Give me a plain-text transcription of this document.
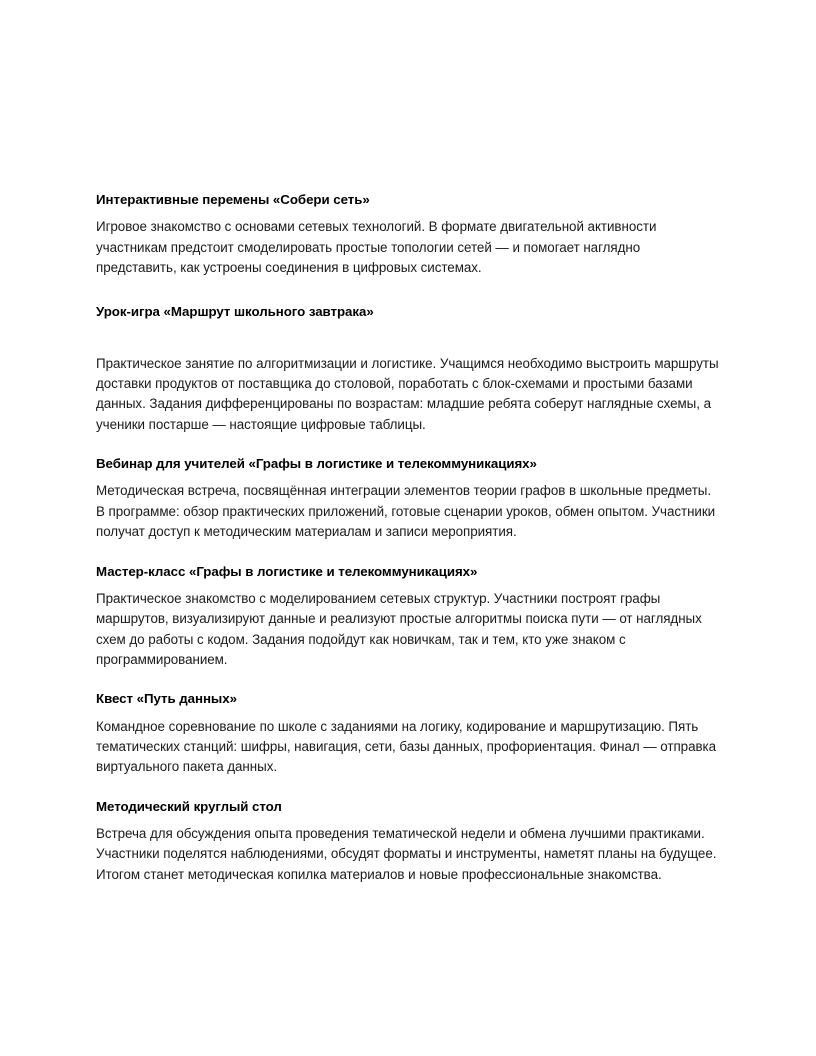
Интерактивные перемены «Собери сеть»

Игровое знакомство с основами сетевых технологий. В формате двигательной активности участникам предстоит смоделировать простые топологии сетей — и помогает наглядно представить, как устроены соединения в цифровых системах.

Урок-игра «Маршрут школьного завтрака»

Практическое занятие по алгоритмизации и логистике. Учащимся необходимо выстроить маршруты доставки продуктов от поставщика до столовой, поработать с блок-схемами и простыми базами данных. Задания дифференцированы по возрастам: младшие ребята соберут наглядные схемы, а ученики постарше — настоящие цифровые таблицы.

Вебинар для учителей «Графы в логистике и телекоммуникациях»

Методическая встреча, посвящённая интеграции элементов теории графов в школьные предметы. В программе: обзор практических приложений, готовые сценарии уроков, обмен опытом. Участники получат доступ к методическим материалам и записи мероприятия.

Мастер-класс «Графы в логистике и телекоммуникациях»

Практическое знакомство с моделированием сетевых структур. Участники построят графы маршрутов, визуализируют данные и реализуют простые алгоритмы поиска пути — от наглядных схем до работы с кодом. Задания подойдут как новичкам, так и тем, кто уже знаком с программированием.

Квест «Путь данных»

Командное соревнование по школе с заданиями на логику, кодирование и маршрутизацию. Пять тематических станций: шифры, навигация, сети, базы данных, профориентация. Финал — отправка виртуального пакета данных.

Методический круглый стол

Встреча для обсуждения опыта проведения тематической недели и обмена лучшими практиками. Участники поделятся наблюдениями, обсудят форматы и инструменты, наметят планы на будущее. Итогом станет методическая копилка материалов и новые профессиональные знакомства.
